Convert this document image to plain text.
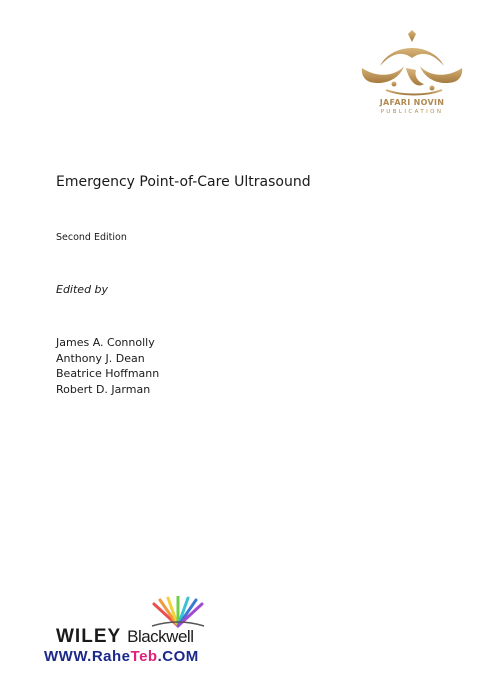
JAFARI NOVIN
PUBLICATION
Emergency Point-of-Care Ultrasound
Second Edition
Edited by
James A. Connolly
Anthony J. Dean
Beatrice Hoffmann
Robert D. Jarman
WILEY Blackwell
WWW.RaheTeb.COM
